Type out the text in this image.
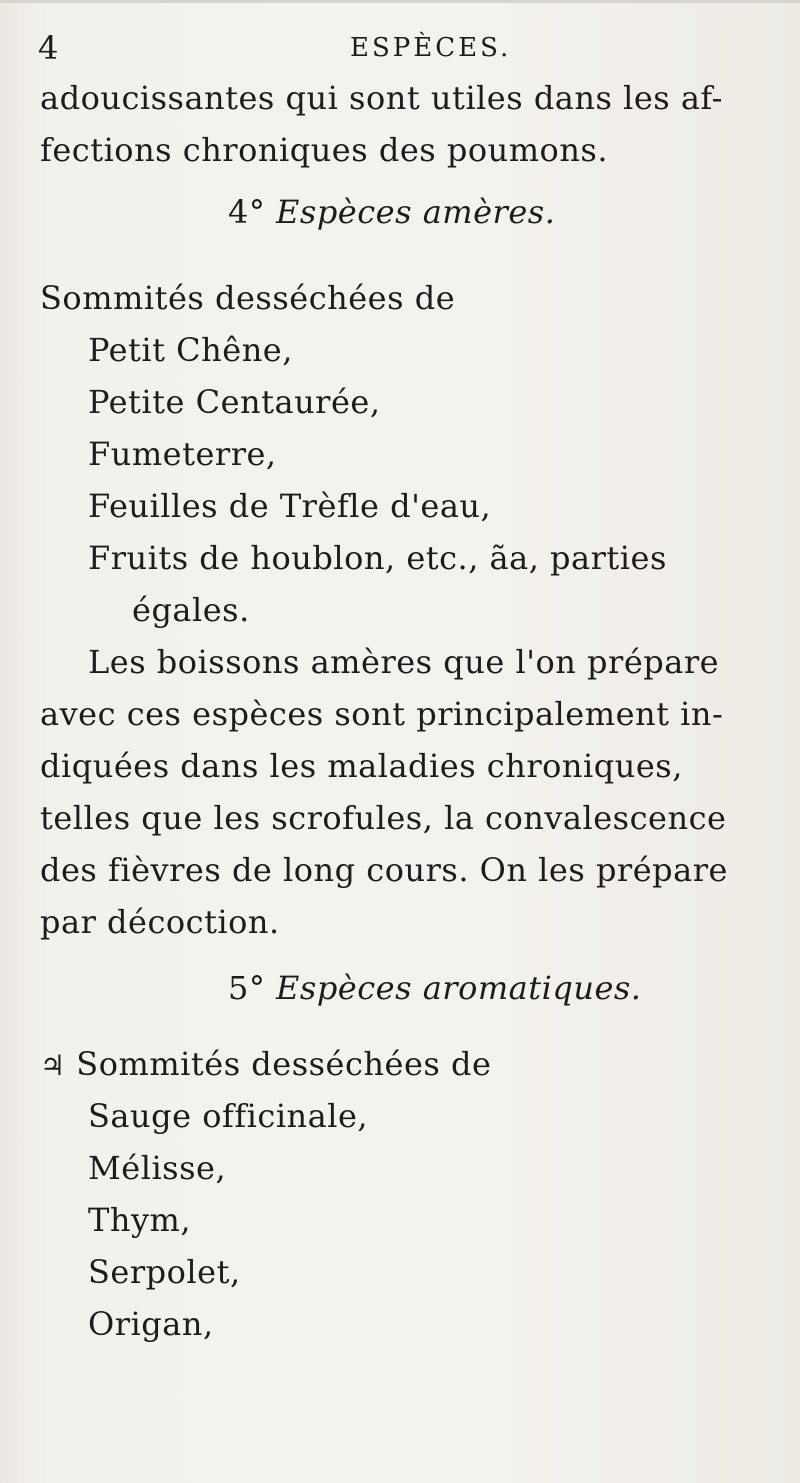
4	ESPÈCES.
adoucissantes qui sont utiles dans les af-
fections chroniques des poumons.
4° Espèces amères.
Sommités desséchées de
Petit Chêne,
Petite Centaurée,
Fumeterre,
Feuilles de Trèfle d'eau,
Fruits de houblon, etc., ãa, parties
égales.
Les boissons amères que l'on prépare
avec ces espèces sont principalement in-
diquées dans les maladies chroniques,
telles que les scrofules, la convalescence
des fièvres de long cours. On les prépare
par décoction.
5° Espèces aromatiques.
♃ Sommités desséchées de
Sauge officinale,
Mélisse,
Thym,
Serpolet,
Origan,
